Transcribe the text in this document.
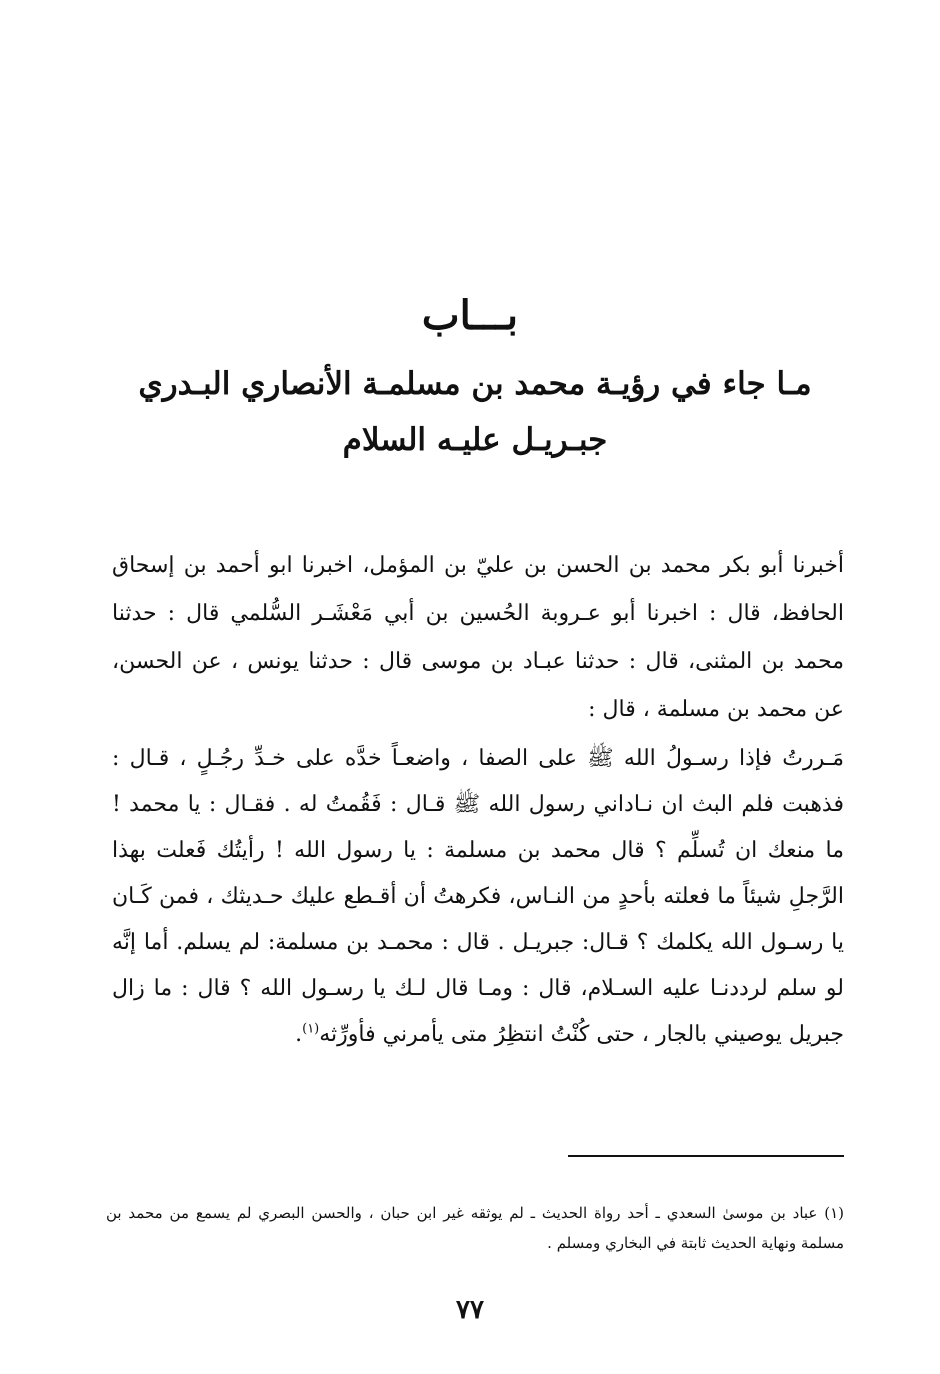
بـــاب
مـا جاء في رؤيـة محمد بن مسلمـة الأنصاري البـدري جبـريـل عليـه السلام

أخبرنا أبو بكر محمد بن الحسن بن عليّ بن المؤمل، اخبرنا ابو أحمد بن إسحاق الحافظ، قال : اخبرنا أبو عـروبة الحُسين بن أبي مَعْشَـر السُّلمي قال : حدثنا محمد بن المثنى، قال : حدثنا عبـاد بن موسى قال : حدثنا يونس ، عن الحسن، عن محمد بن مسلمة ، قال :

مَـررتُ فإذا رسـولُ الله ﷺ على الصفا ، واضعـاً خدَّه على خـدِّ رجُـلٍ ، قـال : فذهبت فلم البث ان نـاداني رسول الله ﷺ قـال : فَقُمتُ له . فقـال : يا محمد ! ما منعك ان تُسلِّم ؟ قال محمد بن مسلمة : يا رسول الله ! رأيتُك فَعلت بهذا الرَّجلِ شيئاً ما فعلته بأحدٍ من النـاس، فكرهتُ أن أقـطع عليك حـديثك ، فمن كَـان يا رسـول الله يكلمك ؟ قـال: جبريـل . قال : محمـد بن مسلمة: لم يسلم. أما إنَّه لو سلم لرددنـا عليه السـلام، قال : ومـا قال لـك يا رسـول الله ؟ قال : ما زال جبريل يوصيني بالجار ، حتى كُنْتُ انتظِرُ متى يأمرني فأورِّثه$^{(١)}$.

(١) عباد بن موسىٰ السعدي ـ أحد رواة الحديث ـ لم يوثقه غير ابن حبان ، والحسن البصري لم يسمع من محمد بن مسلمة ونهاية الحديث ثابتة في البخاري ومسلم .

٧٧
